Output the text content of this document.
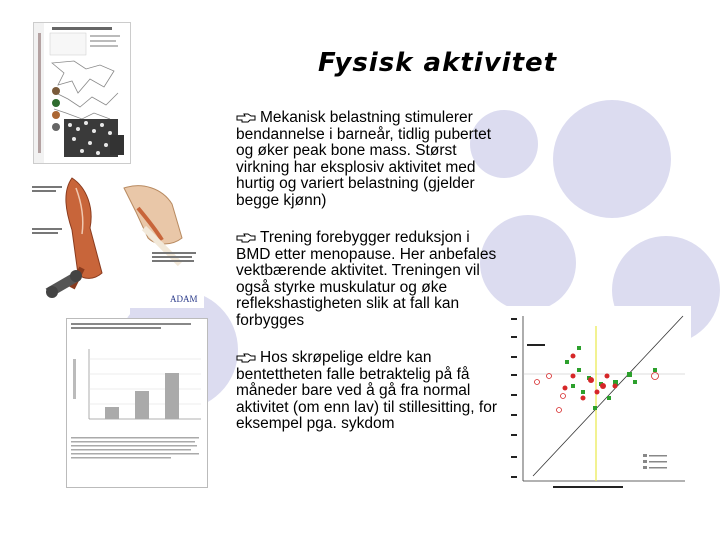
Fysisk aktivitet
Mekanisk belastning stimulerer bendannelse i barneår, tidlig pubertet og øker peak bone mass. Størst virkning har eksplosiv aktivitet med hurtig og variert belastning (gjelder begge kjønn)
Trening forebygger reduksjon i BMD etter menopause. Her anbefales vektbærende aktivitet. Treningen vil også styrke muskulatur og øke reflekshastigheten slik at fall kan forbygges
Hos skrøpelige eldre kan bentettheten falle betraktelig på få måneder bare ved å gå fra normal aktivitet (om enn lav) til stillesitting, for eksempel pga. sykdom
ADAM
